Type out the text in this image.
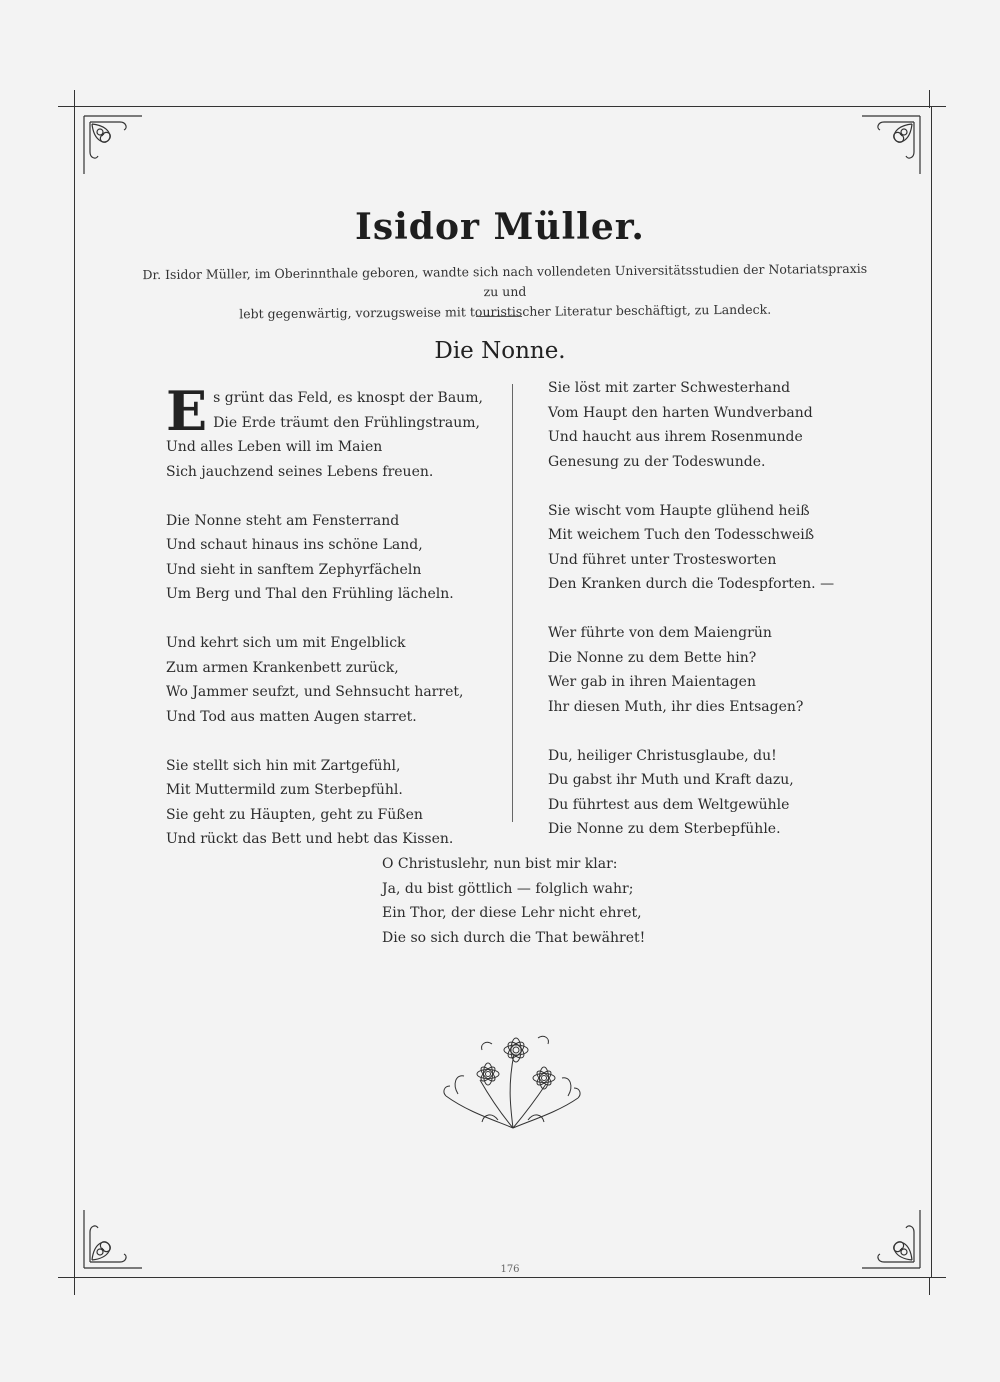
Isidor Müller.
Dr. Isidor Müller, im Oberinnthale geboren, wandte sich nach vollendeten Universitätsstudien der Notariatspraxis zu und
lebt gegenwärtig, vorzugsweise mit touristischer Literatur beschäftigt, zu Landeck.
Die Nonne.
E s grünt das Feld, es knospt der Baum,
Die Erde träumt den Frühlingstraum,
Und alles Leben will im Maien
Sich jauchzend seines Lebens freuen.
Die Nonne steht am Fensterrand
Und schaut hinaus ins schöne Land,
Und sieht in sanftem Zephyrfächeln
Um Berg und Thal den Frühling lächeln.
Und kehrt sich um mit Engelblick
Zum armen Krankenbett zurück,
Wo Jammer seufzt, und Sehnsucht harret,
Und Tod aus matten Augen starret.
Sie stellt sich hin mit Zartgefühl,
Mit Muttermild zum Sterbepfühl.
Sie geht zu Häupten, geht zu Füßen
Und rückt das Bett und hebt das Kissen.
Sie löst mit zarter Schwesterhand
Vom Haupt den harten Wundverband
Und haucht aus ihrem Rosenmunde
Genesung zu der Todeswunde.
Sie wischt vom Haupte glühend heiß
Mit weichem Tuch den Todesschweiß
Und führet unter Trostesworten
Den Kranken durch die Todespforten. —
Wer führte von dem Maiengrün
Die Nonne zu dem Bette hin?
Wer gab in ihren Maientagen
Ihr diesen Muth, ihr dies Entsagen?
Du, heiliger Christusglaube, du!
Du gabst ihr Muth und Kraft dazu,
Du führtest aus dem Weltgewühle
Die Nonne zu dem Sterbepfühle.
O Christuslehr, nun bist mir klar:
Ja, du bist göttlich — folglich wahr;
Ein Thor, der diese Lehr nicht ehret,
Die so sich durch die That bewähret!
176
